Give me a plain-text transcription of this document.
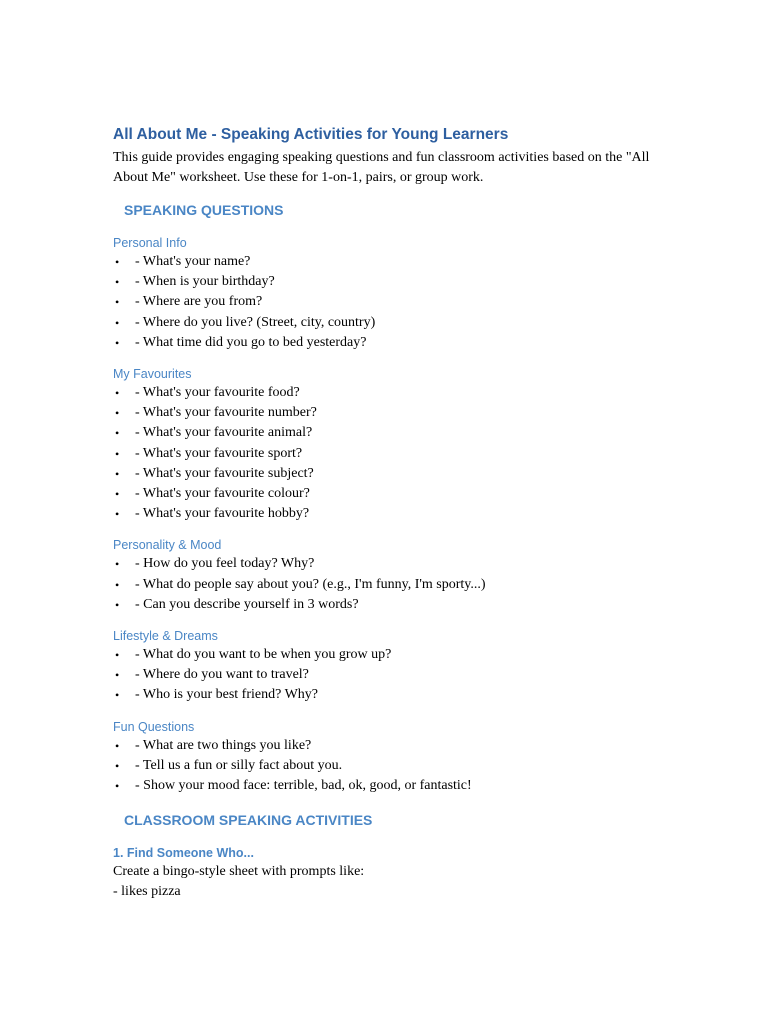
All About Me - Speaking Activities for Young Learners

This guide provides engaging speaking questions and fun classroom activities based on the "All About Me" worksheet. Use these for 1-on-1, pairs, or group work.

SPEAKING QUESTIONS
Personal Info
• - What's your name?
• - When is your birthday?
• - Where are you from?
• - Where do you live? (Street, city, country)
• - What time did you go to bed yesterday?
My Favourites
• - What's your favourite food?
• - What's your favourite number?
• - What's your favourite animal?
• - What's your favourite sport?
• - What's your favourite subject?
• - What's your favourite colour?
• - What's your favourite hobby?
Personality & Mood
• - How do you feel today? Why?
• - What do people say about you? (e.g., I'm funny, I'm sporty...)
• - Can you describe yourself in 3 words?
Lifestyle & Dreams
• - What do you want to be when you grow up?
• - Where do you want to travel?
• - Who is your best friend? Why?
Fun Questions
• - What are two things you like?
• - Tell us a fun or silly fact about you.
• - Show your mood face: terrible, bad, ok, good, or fantastic!
CLASSROOM SPEAKING ACTIVITIES
1. Find Someone Who...

Create a bingo-style sheet with prompts like:

- likes pizza
